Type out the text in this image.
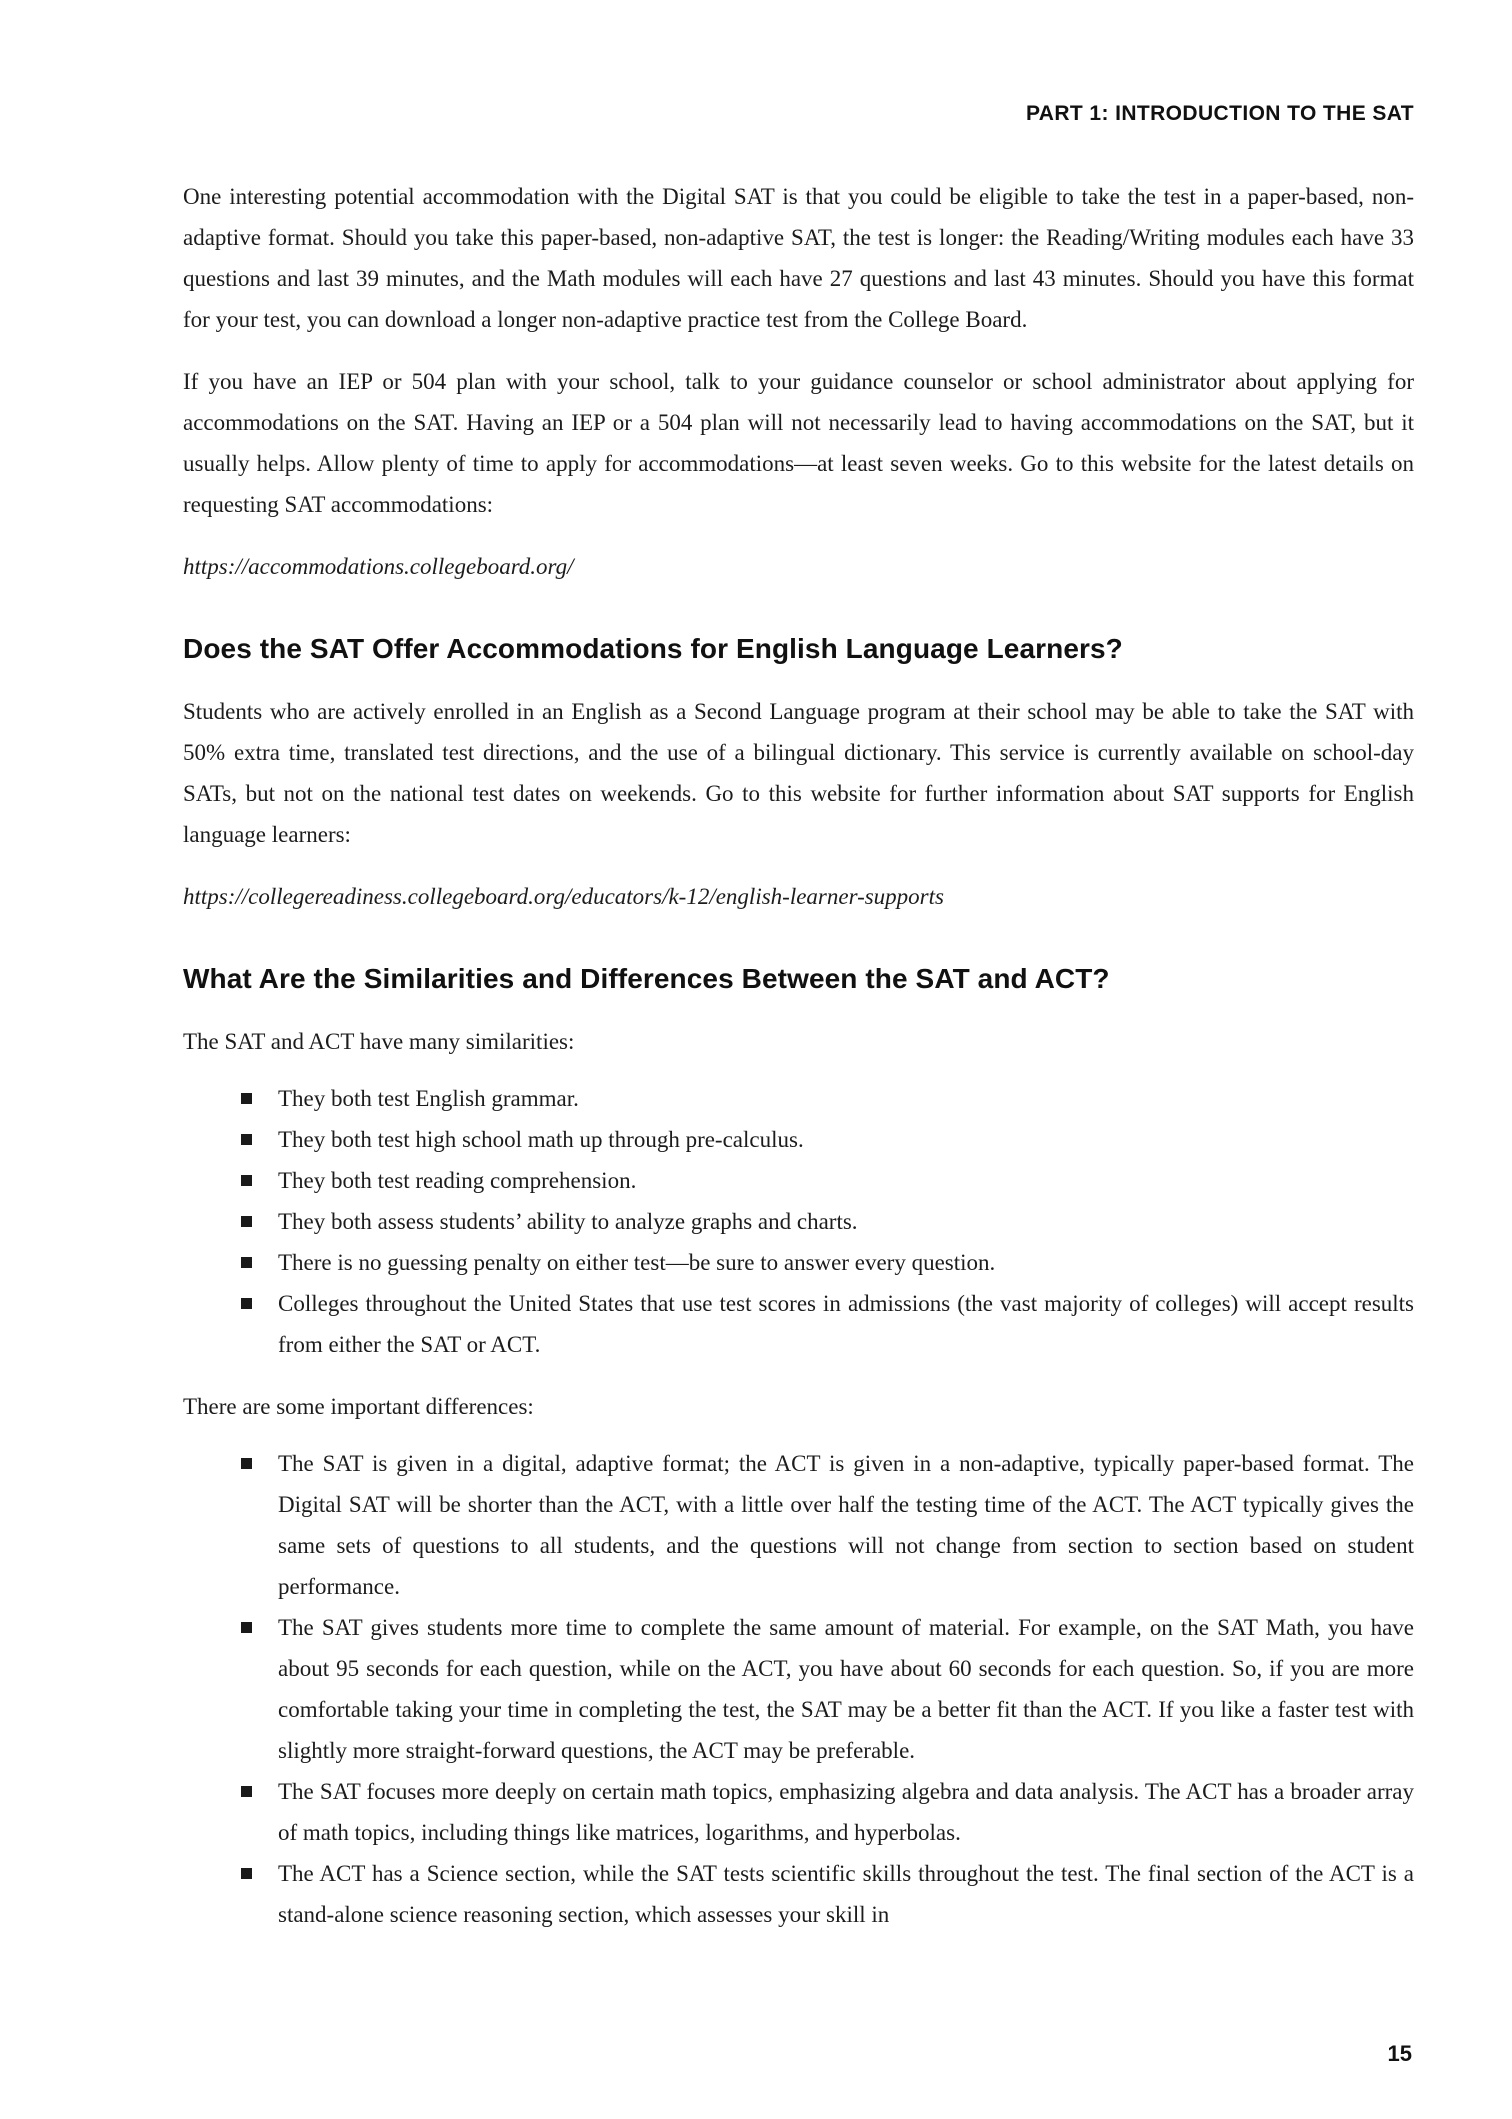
PART 1: INTRODUCTION TO THE SAT

One interesting potential accommodation with the Digital SAT is that you could be eligible to take the test in a paper-based, non-adaptive format. Should you take this paper-based, non-adaptive SAT, the test is longer: the Reading/Writing modules each have 33 questions and last 39 minutes, and the Math modules will each have 27 questions and last 43 minutes. Should you have this format for your test, you can download a longer non-adaptive practice test from the College Board.

If you have an IEP or 504 plan with your school, talk to your guidance counselor or school administrator about applying for accommodations on the SAT. Having an IEP or a 504 plan will not necessarily lead to having accommodations on the SAT, but it usually helps. Allow plenty of time to apply for accommodations—at least seven weeks. Go to this website for the latest details on requesting SAT accommodations:

https://accommodations.collegeboard.org/
Does the SAT Offer Accommodations for English Language Learners?

Students who are actively enrolled in an English as a Second Language program at their school may be able to take the SAT with 50% extra time, translated test directions, and the use of a bilingual dictionary. This service is currently available on school-day SATs, but not on the national test dates on weekends. Go to this website for further information about SAT supports for English language learners:

https://collegereadiness.collegeboard.org/educators/k-12/english-learner-supports
What Are the Similarities and Differences Between the SAT and ACT?

The SAT and ACT have many similarities:

They both test English grammar.
They both test high school math up through pre-calculus.
They both test reading comprehension.
They both assess students’ ability to analyze graphs and charts.
There is no guessing penalty on either test—be sure to answer every question.
Colleges throughout the United States that use test scores in admissions (the vast majority of colleges) will accept results from either the SAT or ACT.

There are some important differences:

The SAT is given in a digital, adaptive format; the ACT is given in a non-adaptive, typically paper-based format. The Digital SAT will be shorter than the ACT, with a little over half the testing time of the ACT. The ACT typically gives the same sets of questions to all students, and the questions will not change from section to section based on student performance.
The SAT gives students more time to complete the same amount of material. For example, on the SAT Math, you have about 95 seconds for each question, while on the ACT, you have about 60 seconds for each question. So, if you are more comfortable taking your time in completing the test, the SAT may be a better fit than the ACT. If you like a faster test with slightly more straight-forward questions, the ACT may be preferable.
The SAT focuses more deeply on certain math topics, emphasizing algebra and data analysis. The ACT has a broader array of math topics, including things like matrices, logarithms, and hyperbolas.
The ACT has a Science section, while the SAT tests scientific skills throughout the test. The final section of the ACT is a stand-alone science reasoning section, which assesses your skill in
15
